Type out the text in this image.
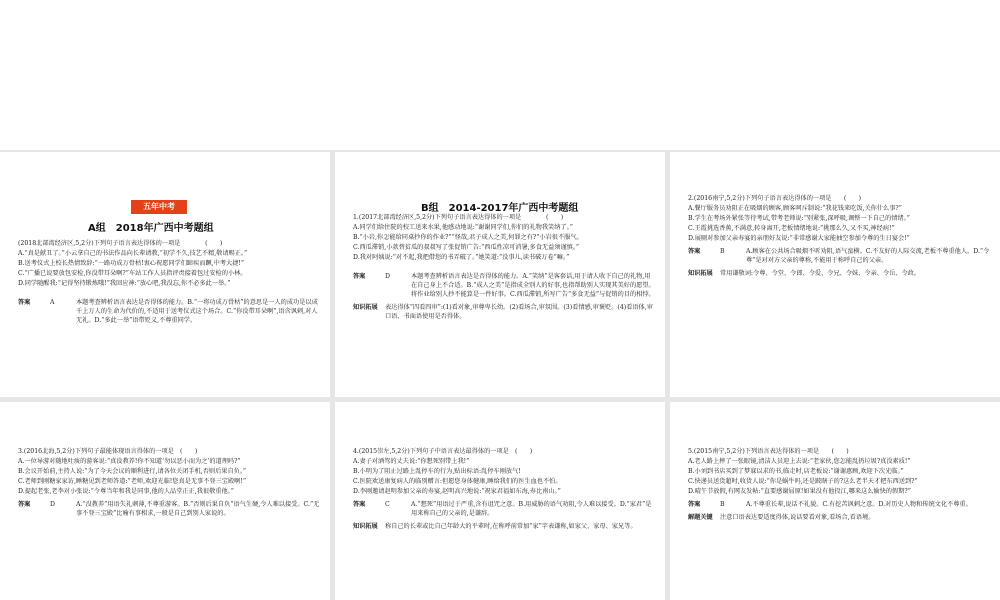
五年中考
A组　2018年广西中考题组
(2018北部湾经济区,5,2分)下列句子语言表达得体的一项是　　　　(　　)
A.“真是献丑了。”小云拿自己的书法作品向长辈请教,“初学不久,技艺不精,敬请赐正。”
B.送考仪式上校长热情致辞:“一路功成万骨枯!衷心祝愿同学们蹄疾而蹶,中考大捷!”
C.“广播已说要放包安检,你没带耳朵啊?”车站工作人员指评责接着包过安检的小林。
D.同学随醒我:“记得坚持锻炼哦!”我回应神:“放心吧,我没忘,你不必多此一举。”
答案	A	本题考查辨析语言表达是否得体的能力。B.“一将功成万骨枯”的意思是一人的成功是以成千上万人的生命为代价的,不适用于送考仪式这个场合。C.“你没带耳朵啊”,语含讽刺,对人无礼。D.“多此一举”语带贬义,不尊重同学。
B组　2014-2017年广西中考题组
1.(2017北部湾经济区,5,2分)下列句子语言表达得体的一项是　　　　(　　)
A.同学们给住院的校工送来水果,他感动地说:“谢谢同学们,你们的礼物我笑纳了。”
B.“小岩,你怎能给同桌抄你的作业?”“怪哉,君子成人之美,何罪之有?”小岩很不服气。
C.西瓜滞销,小款替贫瓜的叔叔写了张促销广告:“西瓜性凉可消暑,多食无益须谨慎。”
D.我对阿姨说:“对不起,我把借您的书弄破了。”她笑道:“没事儿,读书破万卷”嘛。”
答案	D	本题考查辨析语言表达是否得体的能力。A.“笑纳”是客套话,用于请人收下自己的礼物,用在自己身上不合适。B.“成人之美”是指成全别人的好事,也指帮助别人实现其美好的愿望。将作业给别人抄不能算是一件好事。C.西瓜滞销,所写广告“多食无益”与促销的目的相悖。
知识拓展	表达得体“四看四审”:(1)看对象,审尊卑长幼。(2)看场合,审氛围。(3)看情感,审褒贬。(4)看语体,审口语、书面语使用是否得体。
2.(2016南宁,5,2分)下列句子语言表达得体的一项是　　(　　)
A.餐厅服务员劝阻正在吸烟的顾客,顾客呵斥制说:“我花钱来吃饭,关你什么事?”
B.学生在考场外紧张等待考试,带考老师说:“别紧张,深呼吸,调整一下自己的情绪。”
C.王霞挑选香蕉,不满意,转身离开,老板情绪地说:“挑那么久,又不买,神经病!”
D.展厕对参加父亲寿宴的亲朋好友说:“非常感谢大家能抽空参加令尊的生日宴会!”
答案	B	A.顾客在公共场合吸烟不听劝阻,语气蛮横。C.不友好的人际交流,老板不尊重他人。D.“令尊”是对对方父亲的尊称,不能用于称呼自己的父亲。
知识拓展	常用谦敬词:令尊、令堂、令郎、令爱、令兄、令妹、令亲、令岳、令政。
3.(2016北海,5,2分)下列句子最能体现语言得体的一项是　(　　)
A.一位导游对随地吐痰的游客说:“真没教养!你不知道‘勿以恶小而为之’的道理吗?”
B.会议开始前,主持人说:“为了今天会议的顺利进行,请各位关闭手机,否则后果自负。”
C.老师到刚糖家家访,睡糖见到老师答道:“老师,欢迎光临!您真是无事不登三宝殿啊!”
D.提起老张,老李对小张说:“令尊当年和我是同事,他的人品堂正正,我很敬重他。”
答案	D	A.“没教养”用语失礼刺薄,不尊重游客。B.“否则后果自负”语气生硬,令人难以接受。C.“无事不登三宝殿”比喻有事相求,一般是自己到别人家说的。
4.(2015崇左,5,2分)下列句子中语言表达最得体的一项是　(　　)
A.妻子对酒驾的丈夫说:“你想死别带上我!”
B.小明为了阻止过路上乱停车的行为,贴出标语:乱停车刚放气!
C.医院欢送康复病人的临别赠言:但愿您身体健康,睡给我们的医生血也不怕。
D.李刚邀请赵明参加父亲的寿宴,赵明高兴地说:“祝家君福如东海,寿比南山。”
答案	C	A.“想死”用语过于严重,含有诅咒之意。B.用威胁的语气劝阻,令人难以接受。D.“家君”是用来称自己的父亲的,是谦辞。
知识拓展	称自己的长辈或比自己年龄大的平辈时,在称呼前常加“家”字表谦称,如家父、家母、家兄等。
5.(2015南宁,5,2分)下列语言表达得体的一项是　　(　　)
A.老人路上摔了一张眼镜,清洁人员迎上去说:“老家伙,您怎能乱扔垃圾?真没素质!”
B.小刘到书店买到了梦寐以求的书,临走时,店老板说:“谢谢惠顾,欢迎下次光临。”
C.快递员送货超时,收货人说:“你是蜗牛吗,还是跛瞎子的?这么老半天才把东西送到?”
D.晴午节放假,有网友发帖:“直要感谢屈原!如果没有他投江,哪来这么愉快的假期?”
答案	B	A.不尊重长辈,说话不礼貌。C.有挖苦讽刺之意。D.对历史人物和传统文化不尊重。
解题关键	注意口语表达要适度得体,说话要看对象,看场合,看语境。
